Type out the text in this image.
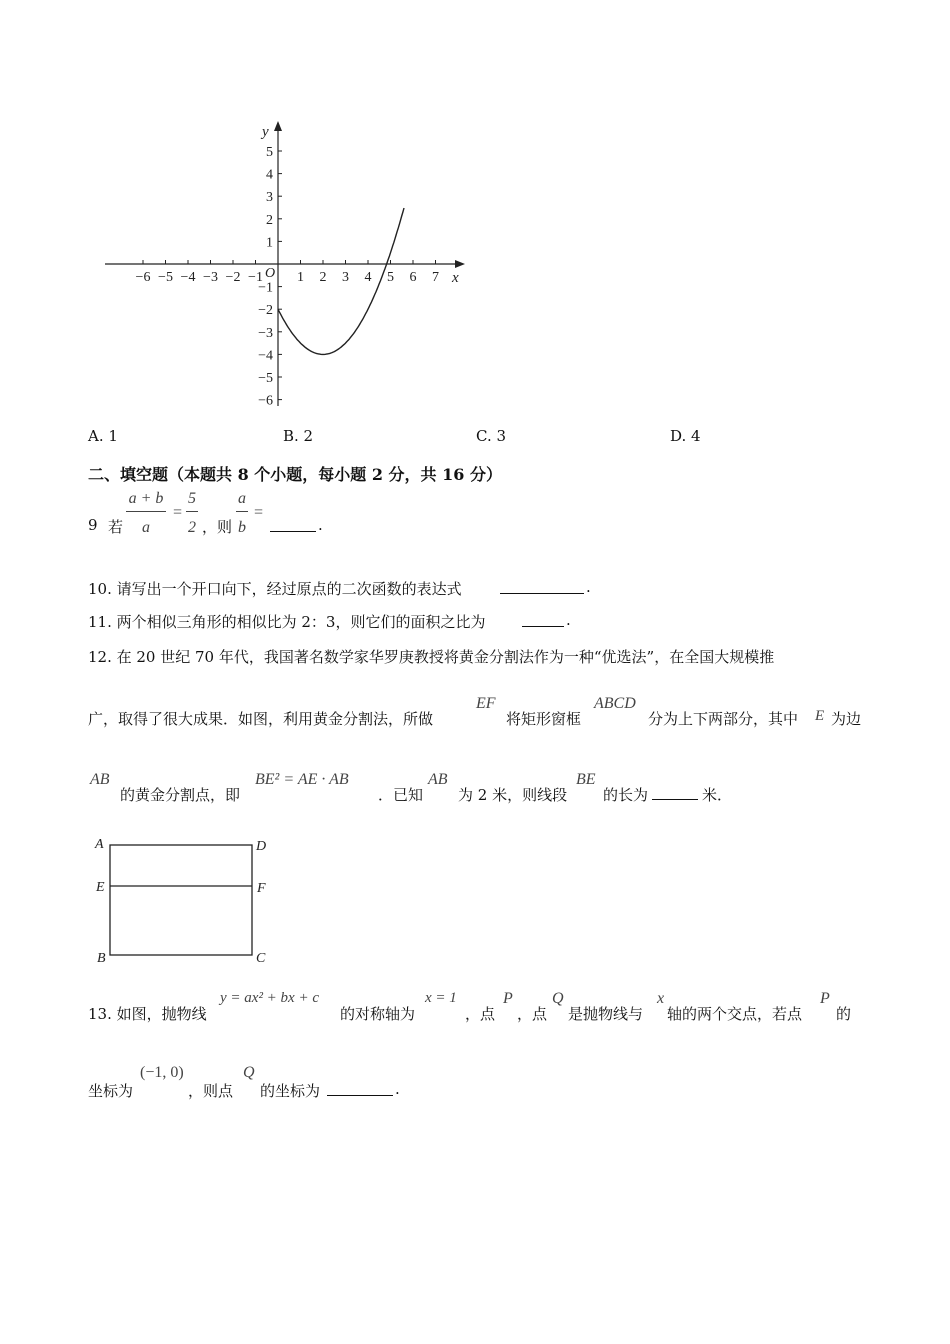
y
x
O
−6 −5 −4 −3 −2 −1 1 2 3 4 5 6 7
5
4
3
2
1
−1
−2
−3
−4
−5
−6
A. 1	B. 2	C. 3	D. 4
二、填空题（本题共 8 个小题，每小题 2 分，共 16 分）
9 若
a + b
a
=
5
2 ，则
a
b
=
.
10. 请写出一个开口向下，经过原点的二次函数的表达式	.
11. 两个相似三角形的相似比为 2：3，则它们的面积之比为	.
12. 在 20 世纪 70 年代，我国著名数学家华罗庚教授将黄金分割法作为一种“优选法”，在全国大规模推
广，取得了很大成果．如图，利用黄金分割法，所做
EF
将矩形窗框
ABCD
分为上下两部分，其中 E 为边
AB
的黄金分割点，即
BE² = AE · AB
．已知
AB
为 2 米，则线段
BE
的长为	米．
A	D
E	F
B	C
13. 如图，抛物线
y = ax² + bx + c
的对称轴为
x = 1
，点
P
，点
Q
是抛物线与
x
轴的两个交点，若点
P
的
坐标为
(−1, 0)
，则点
Q
的坐标为	.
